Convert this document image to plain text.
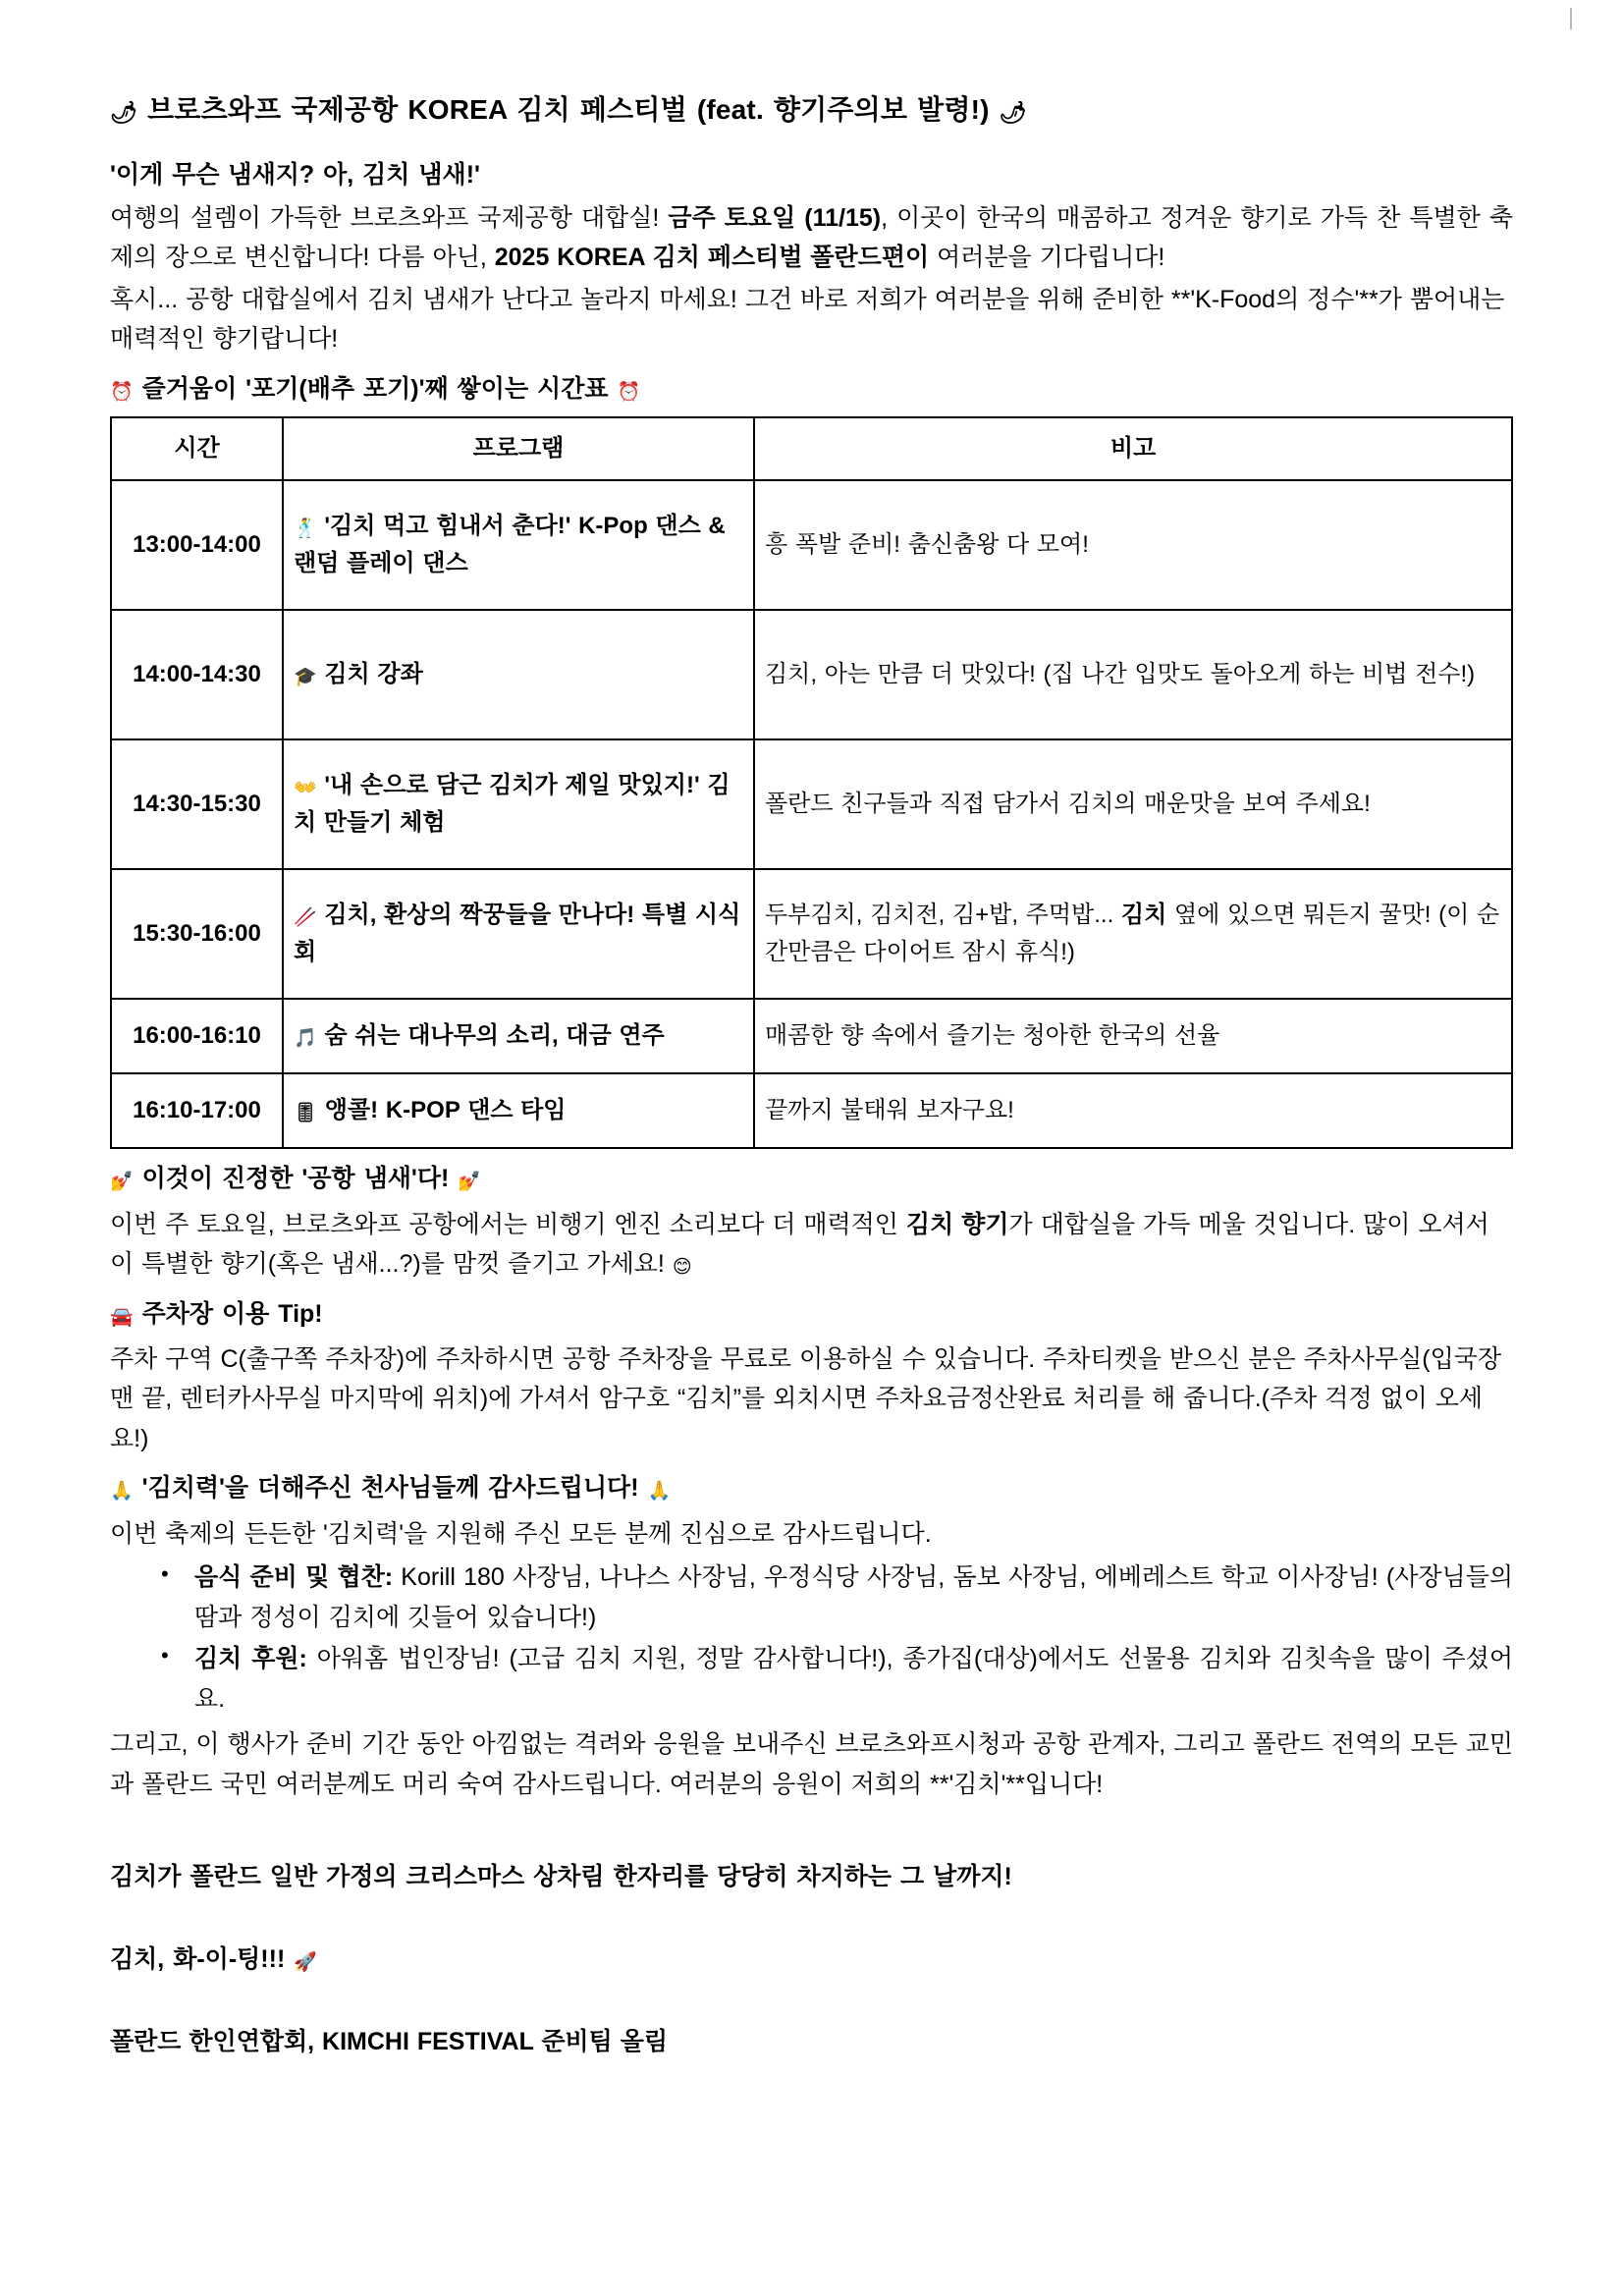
🌶 브로츠와프 국제공항 KOREA 김치 페스티벌 (feat. 향기주의보 발령!) 🌶
'이게 무슨 냄새지? 아, 김치 냄새!'

여행의 설렘이 가득한 브로츠와프 국제공항 대합실! 금주 토요일 (11/15), 이곳이 한국의 매콤하고 정겨운 향기로 가득 찬 특별한 축제의 장으로 변신합니다! 다름 아닌, 2025 KOREA 김치 페스티벌 폴란드편이 여러분을 기다립니다!

혹시... 공항 대합실에서 김치 냄새가 난다고 놀라지 마세요! 그건 바로 저희가 여러분을 위해 준비한 **'K-Food의 정수'**가 뿜어내는 매력적인 향기랍니다!

⏰ 즐거움이 '포기(배추 포기)'째 쌓이는 시간표 ⏰
시간	프로그램	비고
13:00-14:00	🕺 '김치 먹고 힘내서 춘다!' K-Pop 댄스 & 랜덤 플레이 댄스	흥 폭발 준비! 춤신춤왕 다 모여!
14:00-14:30	🎓 김치 강좌	김치, 아는 만큼 더 맛있다! (집 나간 입맛도 돌아오게 하는 비법 전수!)
14:30-15:30	👐 '내 손으로 담근 김치가 제일 맛있지!' 김치 만들기 체험	폴란드 친구들과 직접 담가서 김치의 매운맛을 보여 주세요!
15:30-16:00	🥢 김치, 환상의 짝꿍들을 만나다! 특별 시식회	두부김치, 김치전, 김+밥, 주먹밥... 김치 옆에 있으면 뭐든지 꿀맛! (이 순간만큼은 다이어트 잠시 휴식!)
16:00-16:10	🎵 숨 쉬는 대나무의 소리, 대금 연주	매콤한 향 속에서 즐기는 청아한 한국의 선율
16:10-17:00	🎚 앵콜! K-POP 댄스 타임	끝까지 불태워 보자구요!
💅 이것이 진정한 '공항 냄새'다! 💅

이번 주 토요일, 브로츠와프 공항에서는 비행기 엔진 소리보다 더 매력적인 김치 향기가 대합실을 가득 메울 것입니다. 많이 오셔서 이 특별한 향기(혹은 냄새...?)를 맘껏 즐기고 가세요! 😊

🚘 주차장 이용 Tip!

주차 구역 C(출구쪽 주차장)에 주차하시면 공항 주차장을 무료로 이용하실 수 있습니다. 주차티켓을 받으신 분은 주차사무실(입국장 맨 끝, 렌터카사무실 마지막에 위치)에 가셔서 암구호 “김치”를 외치시면 주차요금정산완료 처리를 해 줍니다.(주차 걱정 없이 오세요!)

🙏 '김치력'을 더해주신 천사님들께 감사드립니다! 🙏

이번 축제의 든든한 '김치력'을 지원해 주신 모든 분께 진심으로 감사드립니다.

• 음식 준비 및 협찬: Korill 180 사장님, 나나스 사장님, 우정식당 사장님, 돔보 사장님, 에베레스트 학교 이사장님! (사장님들의 땀과 정성이 김치에 깃들어 있습니다!)
• 김치 후원: 아워홈 법인장님! (고급 김치 지원, 정말 감사합니다!), 종가집(대상)에서도 선물용 김치와 김칫속을 많이 주셨어요.

그리고, 이 행사가 준비 기간 동안 아낌없는 격려와 응원을 보내주신 브로츠와프시청과 공항 관계자, 그리고 폴란드 전역의 모든 교민과 폴란드 국민 여러분께도 머리 숙여 감사드립니다. 여러분의 응원이 저희의 **'김치'**입니다!

김치가 폴란드 일반 가정의 크리스마스 상차림 한자리를 당당히 차지하는 그 날까지!

김치, 화-이-팅!!! 🚀

폴란드 한인연합회, KIMCHI FESTIVAL 준비팀 올림
